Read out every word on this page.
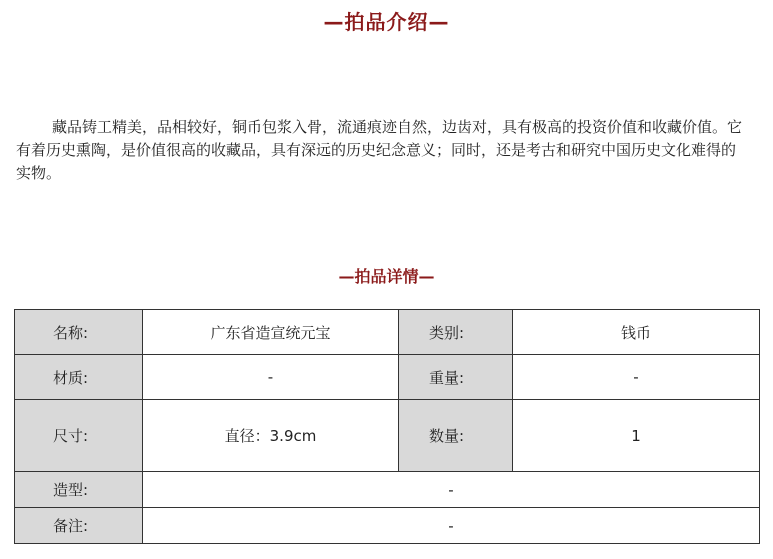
—拍品介绍—

藏品铸工精美，品相较好，铜币包浆入骨，流通痕迹自然，边齿对，具有极高的投资价值和收藏价值。它有着历史熏陶，是价值很高的收藏品，具有深远的历史纪念意义；同时，还是考古和研究中国历史文化难得的实物。

—拍品详情—
名称:	广东省造宣统元宝	类别:	钱币
材质:	-	重量:	-
尺寸:	直径：3.9cm	数量:	1
造型:	-		
备注:	-		
